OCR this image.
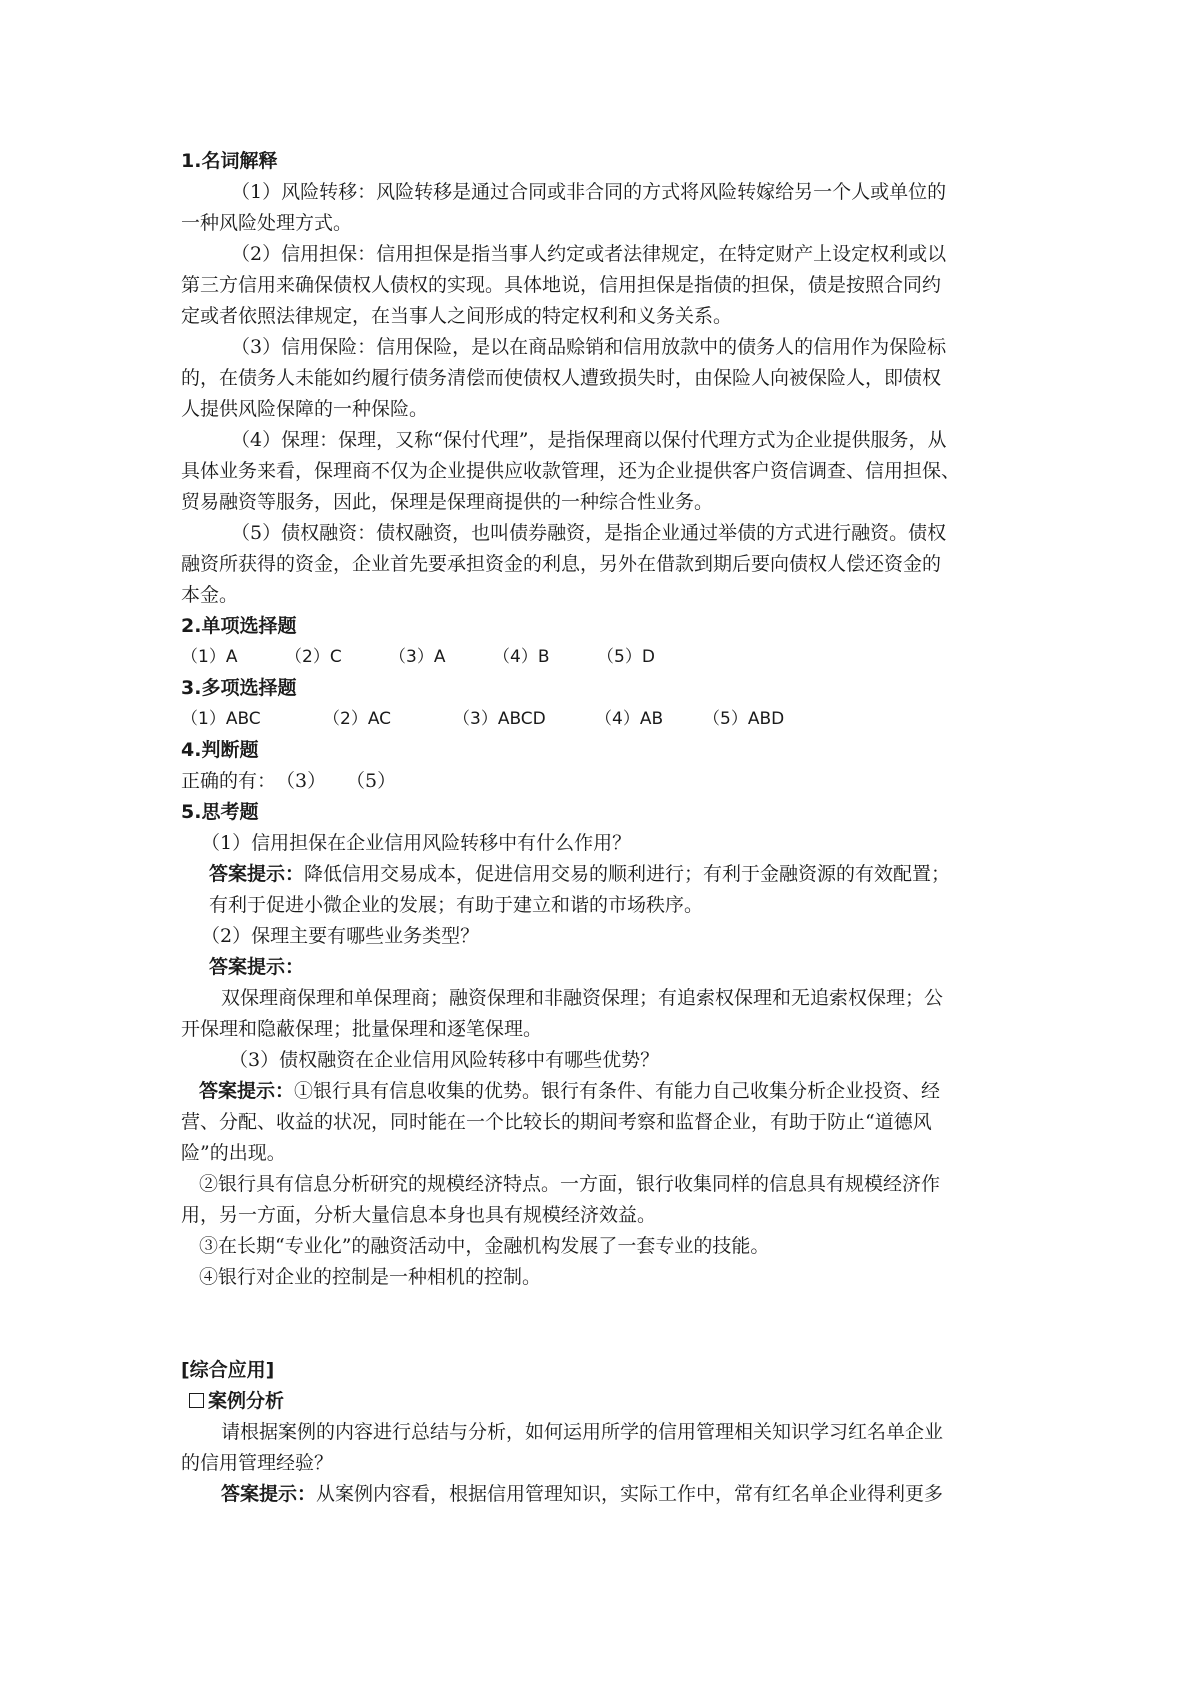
1.名词解释
（1）风险转移：风险转移是通过合同或非合同的方式将风险转嫁给另一个人或单位的
一种风险处理方式。
（2）信用担保：信用担保是指当事人约定或者法律规定，在特定财产上设定权利或以
第三方信用来确保债权人债权的实现。具体地说，信用担保是指债的担保，债是按照合同约
定或者依照法律规定，在当事人之间形成的特定权利和义务关系。
（3）信用保险：信用保险，是以在商品赊销和信用放款中的债务人的信用作为保险标
的，在债务人未能如约履行债务清偿而使债权人遭致损失时，由保险人向被保险人，即债权
人提供风险保障的一种保险。
（4）保理：保理，又称“保付代理”，是指保理商以保付代理方式为企业提供服务，从
具体业务来看，保理商不仅为企业提供应收款管理，还为企业提供客户资信调查、信用担保、
贸易融资等服务，因此，保理是保理商提供的一种综合性业务。
（5）债权融资：债权融资，也叫债券融资，是指企业通过举债的方式进行融资。债权
融资所获得的资金，企业首先要承担资金的利息，另外在借款到期后要向债权人偿还资金的
本金。
2.单项选择题
（1）A	（2）C	（3）A	（4）B	（5）D
3.多项选择题
（1）ABC	（2）AC	（3）ABCD	（4）AB （5）ABD
4.判断题
正确的有：（3） （5）
5.思考题
（1）信用担保在企业信用风险转移中有什么作用？
答案提示：降低信用交易成本，促进信用交易的顺利进行；有利于金融资源的有效配置；
有利于促进小微企业的发展；有助于建立和谐的市场秩序。
（2）保理主要有哪些业务类型？
答案提示：
双保理商保理和单保理商；融资保理和非融资保理；有追索权保理和无追索权保理；公
开保理和隐蔽保理；批量保理和逐笔保理。
（3）债权融资在企业信用风险转移中有哪些优势？
答案提示：①银行具有信息收集的优势。银行有条件、有能力自己收集分析企业投资、经
营、分配、收益的状况，同时能在一个比较长的期间考察和监督企业，有助于防止“道德风
险”的出现。
②银行具有信息分析研究的规模经济特点。一方面，银行收集同样的信息具有规模经济作
用，另一方面，分析大量信息本身也具有规模经济效益。
③在长期“专业化”的融资活动中，金融机构发展了一套专业的技能。
④银行对企业的控制是一种相机的控制。
[综合应用]
案例分析
请根据案例的内容进行总结与分析，如何运用所学的信用管理相关知识学习红名单企业
的信用管理经验？
答案提示：从案例内容看，根据信用管理知识，实际工作中，常有红名单企业得利更多
